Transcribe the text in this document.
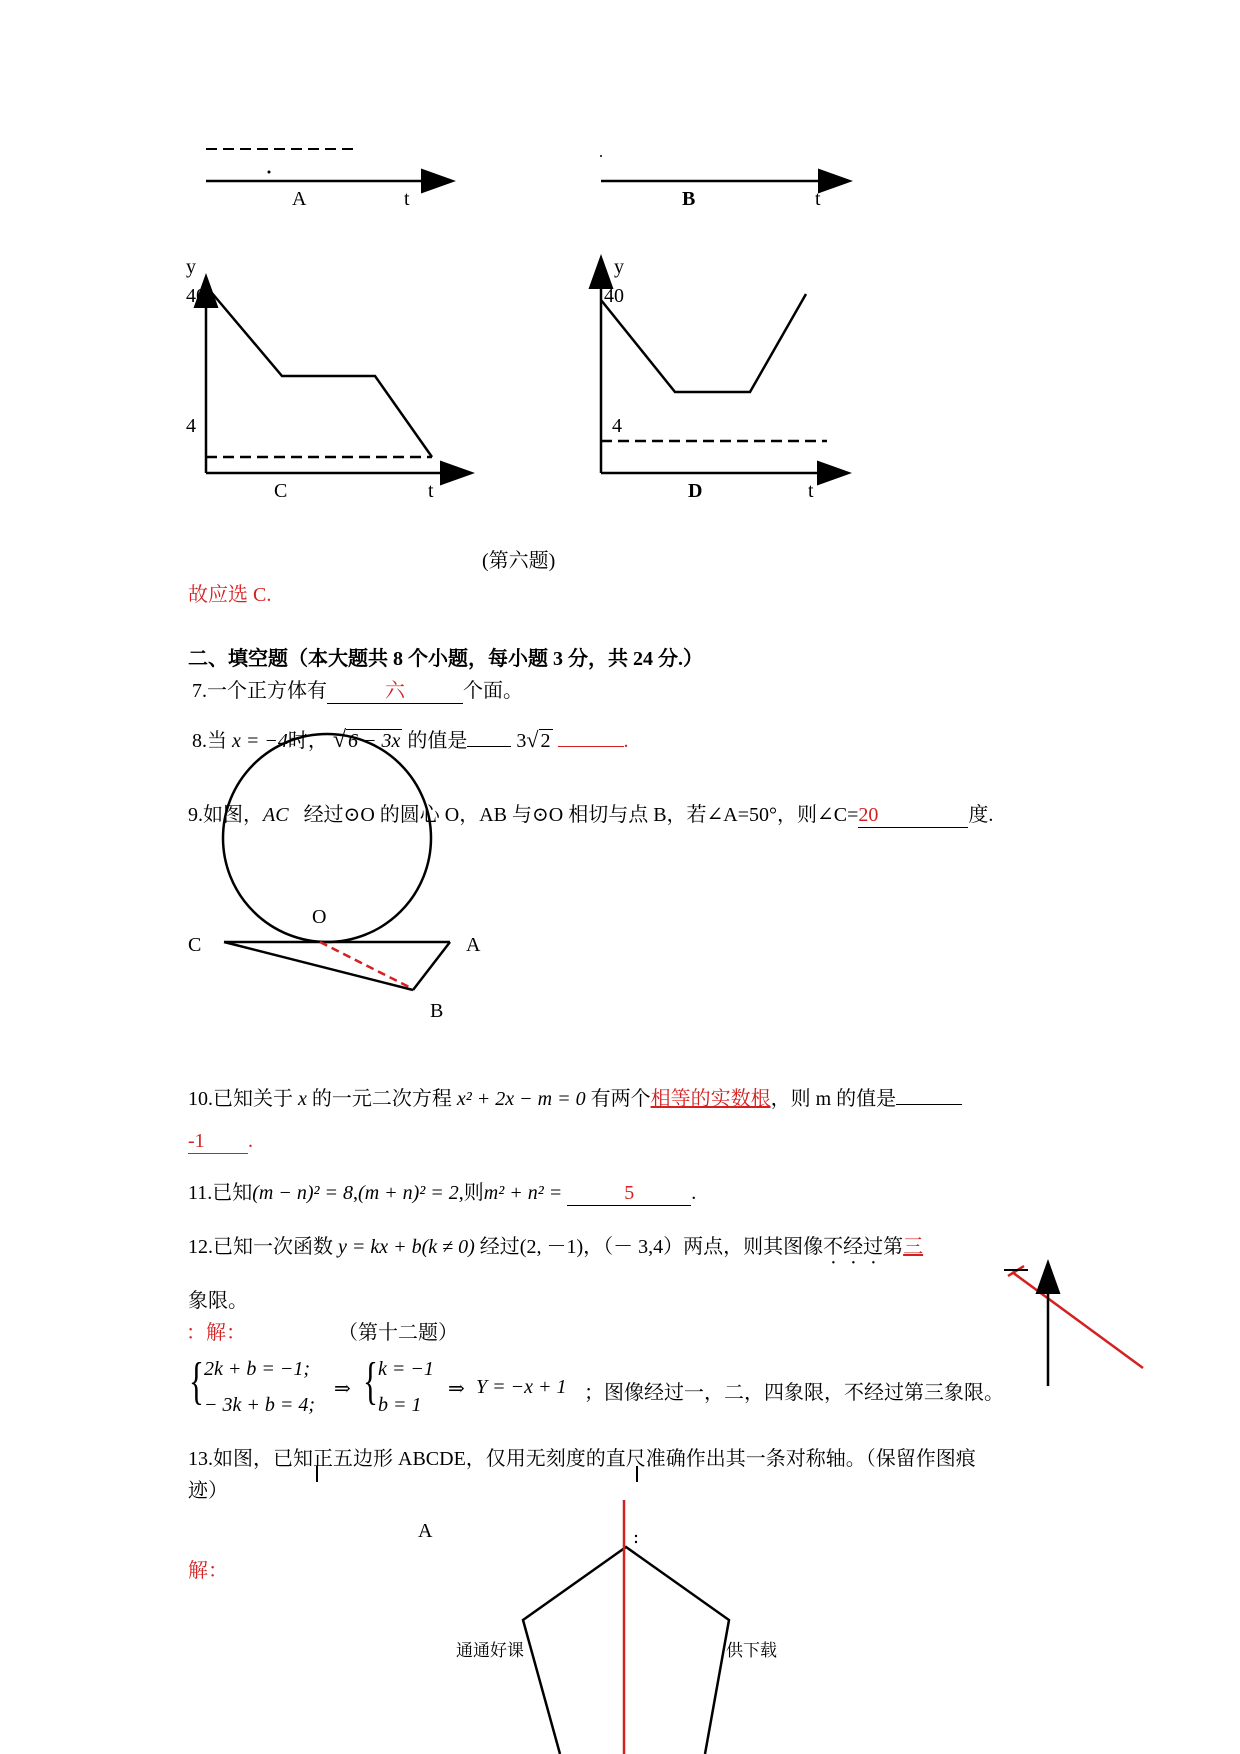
A	t	B	t
y
40
4
C	t
y
40
4
D	t
(第六题)
故应选 C.
二、填空题（本大题共 8 个小题，每小题 3 分，共 24 分.）
7.一个正方体有	六	个面。
8.当 x = −4时， √ 6 − 3x 的值是 3√ 2	.
9.如图，AC 经过⊙O 的圆心 O，AB 与⊙O 相切与点 B，若∠A=50°，则∠C=20	度.
O
C	A
B
10.已知关于 x 的一元二次方程 x² + 2x − m = 0 有两个相等的实数根，则 m 的值是
-1 .
11.已知(m − n)² = 8,(m + n)² = 2,则m² + n² =	5	.
12.已知一次函数 y = kx + b(k ≠ 0) 经过(2, －1)，（－ 3,4）两点，则其图像不经过第三
象限。
：解：	（第十二题）
{ 2k + b = −1;
− 3k + b = 4;
⇒ { k = −1
b = 1
⇒ Y = −x + 1 ；图像经过一，二，四象限，不经过第三象限。
13.如图，已知正五边形 ABCDE，仅用无刻度的直尺准确作出其一条对称轴。（保留作图痕
迹）
A
解：
通通好课	供下载
